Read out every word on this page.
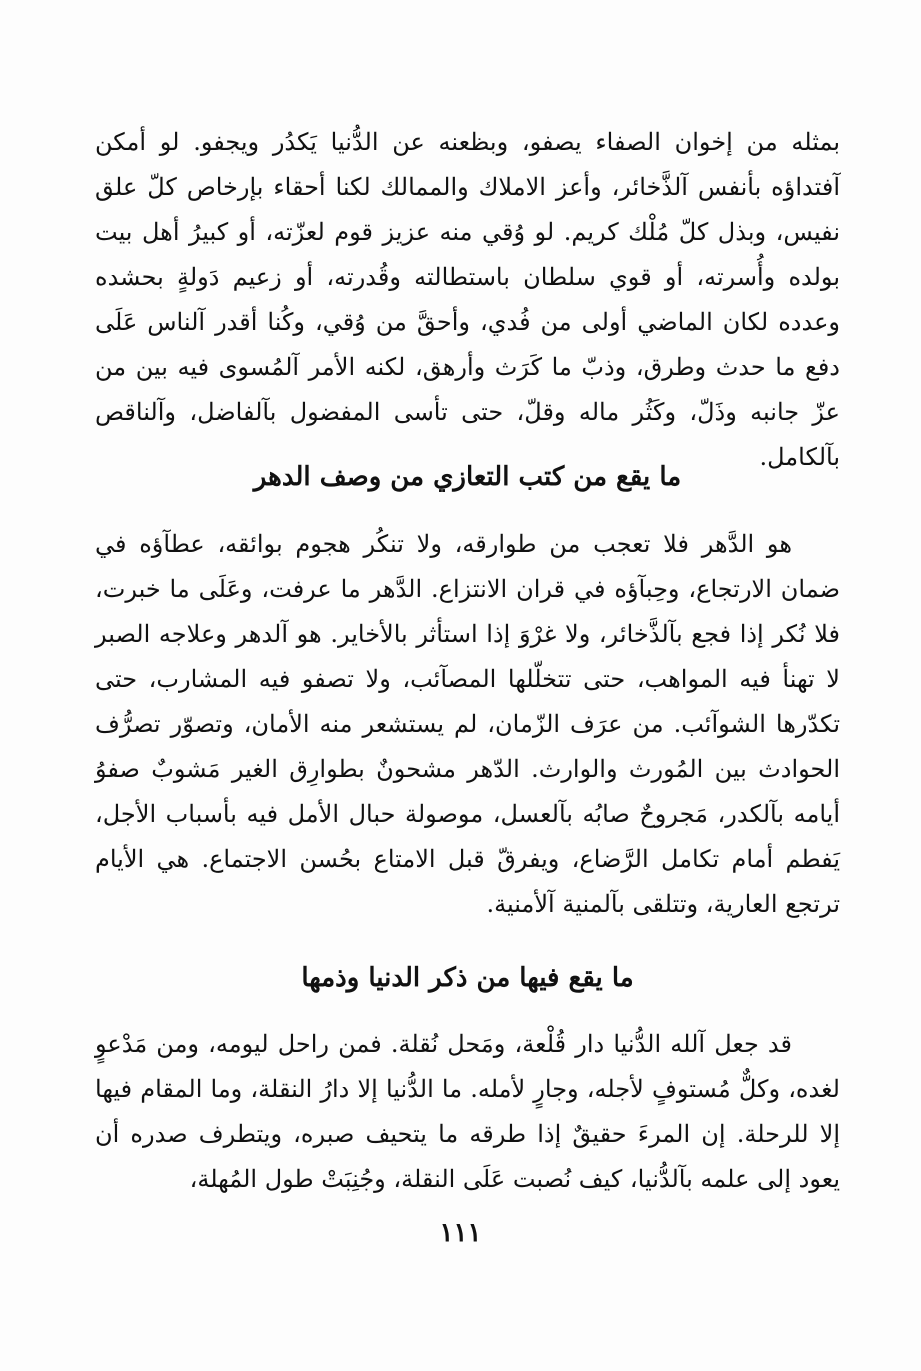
بمثله من إخوان الصفاء يصفو، وبظعنه عن الدُّنيا يَكدُر ويجفو. لو أمكن آفتداؤه بأنفس آلذَّخائر، وأعز الاملاك والممالك لكنا أحقاء بإرخاص كلّ علق نفيس، وبذل كلّ مُلْك كريم. لو وُقي منه عزيز قوم لعزّته، أو كبيرُ أهل بيت بولده وأُسرته، أو قوي سلطان باستطالته وقُدرته، أو زعيم دَولةٍ بحشده وعدده لكان الماضي أولى من فُدي، وأحقَّ من وُقي، وكُنا أقدر آلناس عَلَى دفع ما حدث وطرق، وذبّ ما كَرَث وأرهق، لكنه الأمر آلمُسوى فيه بين من عزّ جانبه وذَلّ، وكَثُر ماله وقلّ، حتى تأسى المفضول بآلفاضل، وآلناقص بآلكامل.

ما يقع من كتب التعازي من وصف الدهر

هو الدَّهر فلا تعجب من طوارقه، ولا تنكُر هجوم بوائقه، عطآؤه في ضمان الارتجاع، وحِبآؤه في قران الانتزاع. الدَّهر ما عرفت، وعَلَى ما خبرت، فلا نُكر إذا فجع بآلذَّخائر، ولا غرْوَ إذا استأثر بالأخاير. هو آلدهر وعلاجه الصبر لا تهنأ فيه المواهب، حتى تتخلّلها المصآئب، ولا تصفو فيه المشارب، حتى تكدّرها الشوآئب. من عرَف الزّمان، لم يستشعر منه الأمان، وتصوّر تصرُّف الحوادث بين المُورث والوارث. الدّهر مشحونٌ بطوارِق الغير مَشوبٌ صفوُ أيامه بآلكدر، مَجروحٌ صابُه بآلعسل، موصولة حبال الأمل فيه بأسباب الأجل، يَفطم أمام تكامل الرَّضاع، ويفرقّ قبل الامتاع بحُسن الاجتماع. هي الأيام ترتجع العارية، وتتلقى بآلمنية آلأمنية.

ما يقع فيها من ذكر الدنيا وذمها

قد جعل آلله الدُّنيا دار قُلْعة، ومَحل نُقلة. فمن راحل ليومه، ومن مَدْعوٍ لغده، وكلٌّ مُستوفٍ لأجله، وجارٍ لأمله. ما الدُّنيا إلا دارُ النقلة، وما المقام فيها إلا للرحلة. إن المرءَ حقيقٌ إذا طرقه ما يتحيف صبره، ويتطرف صدره أن يعود إلى علمه بآلدُّنيا، كيف نُصبت عَلَى النقلة، وجُنِبَتْ طول المُهلة،

١١١
